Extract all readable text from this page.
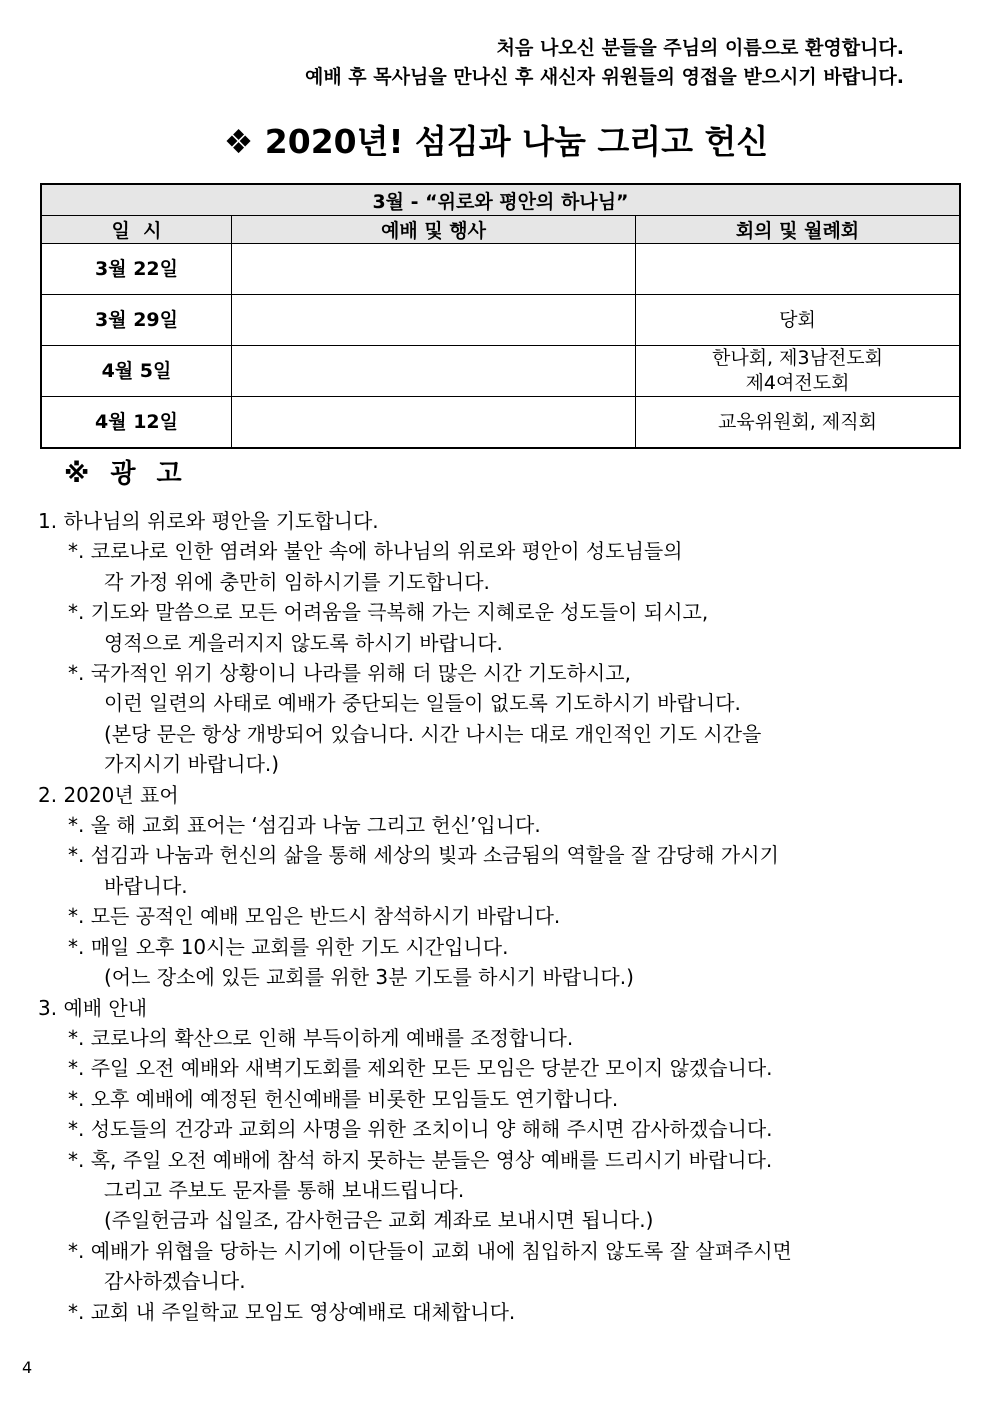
처음 나오신 분들을 주님의 이름으로 환영합니다.
예배 후 목사님을 만나신 후 새신자 위원들의 영접을 받으시기 바랍니다.
❖ 2020년! 섬김과 나눔 그리고 헌신
3월 - “위로와 평안의 하나님”		
일  시	예배 및 행사	회의 및 월례회
3월 22일		
3월 29일		당회
4월 5일		한나회, 제3남전도회
제4여전도회
4월 12일		교육위원회, 제직회
※ 광 고
1. 하나님의 위로와 평안을 기도합니다.
*. 코로나로 인한 염려와 불안 속에 하나님의 위로와 평안이 성도님들의
각 가정 위에 충만히 임하시기를 기도합니다.
*. 기도와 말씀으로 모든 어려움을 극복해 가는 지혜로운 성도들이 되시고,
영적으로 게을러지지 않도록 하시기 바랍니다.
*. 국가적인 위기 상황이니 나라를 위해 더 많은 시간 기도하시고,
이런 일련의 사태로 예배가 중단되는 일들이 없도록 기도하시기 바랍니다.
(본당 문은 항상 개방되어 있습니다. 시간 나시는 대로 개인적인 기도 시간을
가지시기 바랍니다.)
2. 2020년 표어
*. 올 해 교회 표어는 ‘섬김과 나눔 그리고 헌신’입니다.
*. 섬김과 나눔과 헌신의 삶을 통해 세상의 빛과 소금됨의 역할을 잘 감당해 가시기
바랍니다.
*. 모든 공적인 예배 모임은 반드시 참석하시기 바랍니다.
*. 매일 오후 10시는 교회를 위한 기도 시간입니다.
(어느 장소에 있든 교회를 위한 3분 기도를 하시기 바랍니다.)
3. 예배 안내
*. 코로나의 확산으로 인해 부득이하게 예배를 조정합니다.
*. 주일 오전 예배와 새벽기도회를 제외한 모든 모임은 당분간 모이지 않겠습니다.
*. 오후 예배에 예정된 헌신예배를 비롯한 모임들도 연기합니다.
*. 성도들의 건강과 교회의 사명을 위한 조치이니 양 해해 주시면 감사하겠습니다.
*. 혹, 주일 오전 예배에 참석 하지 못하는 분들은 영상 예배를 드리시기 바랍니다.
그리고 주보도 문자를 통해 보내드립니다.
(주일헌금과 십일조, 감사헌금은 교회 계좌로 보내시면 됩니다.)
*. 예배가 위협을 당하는 시기에 이단들이 교회 내에 침입하지 않도록 잘 살펴주시면
감사하겠습니다.
*. 교회 내 주일학교 모임도 영상예배로 대체합니다.
4
